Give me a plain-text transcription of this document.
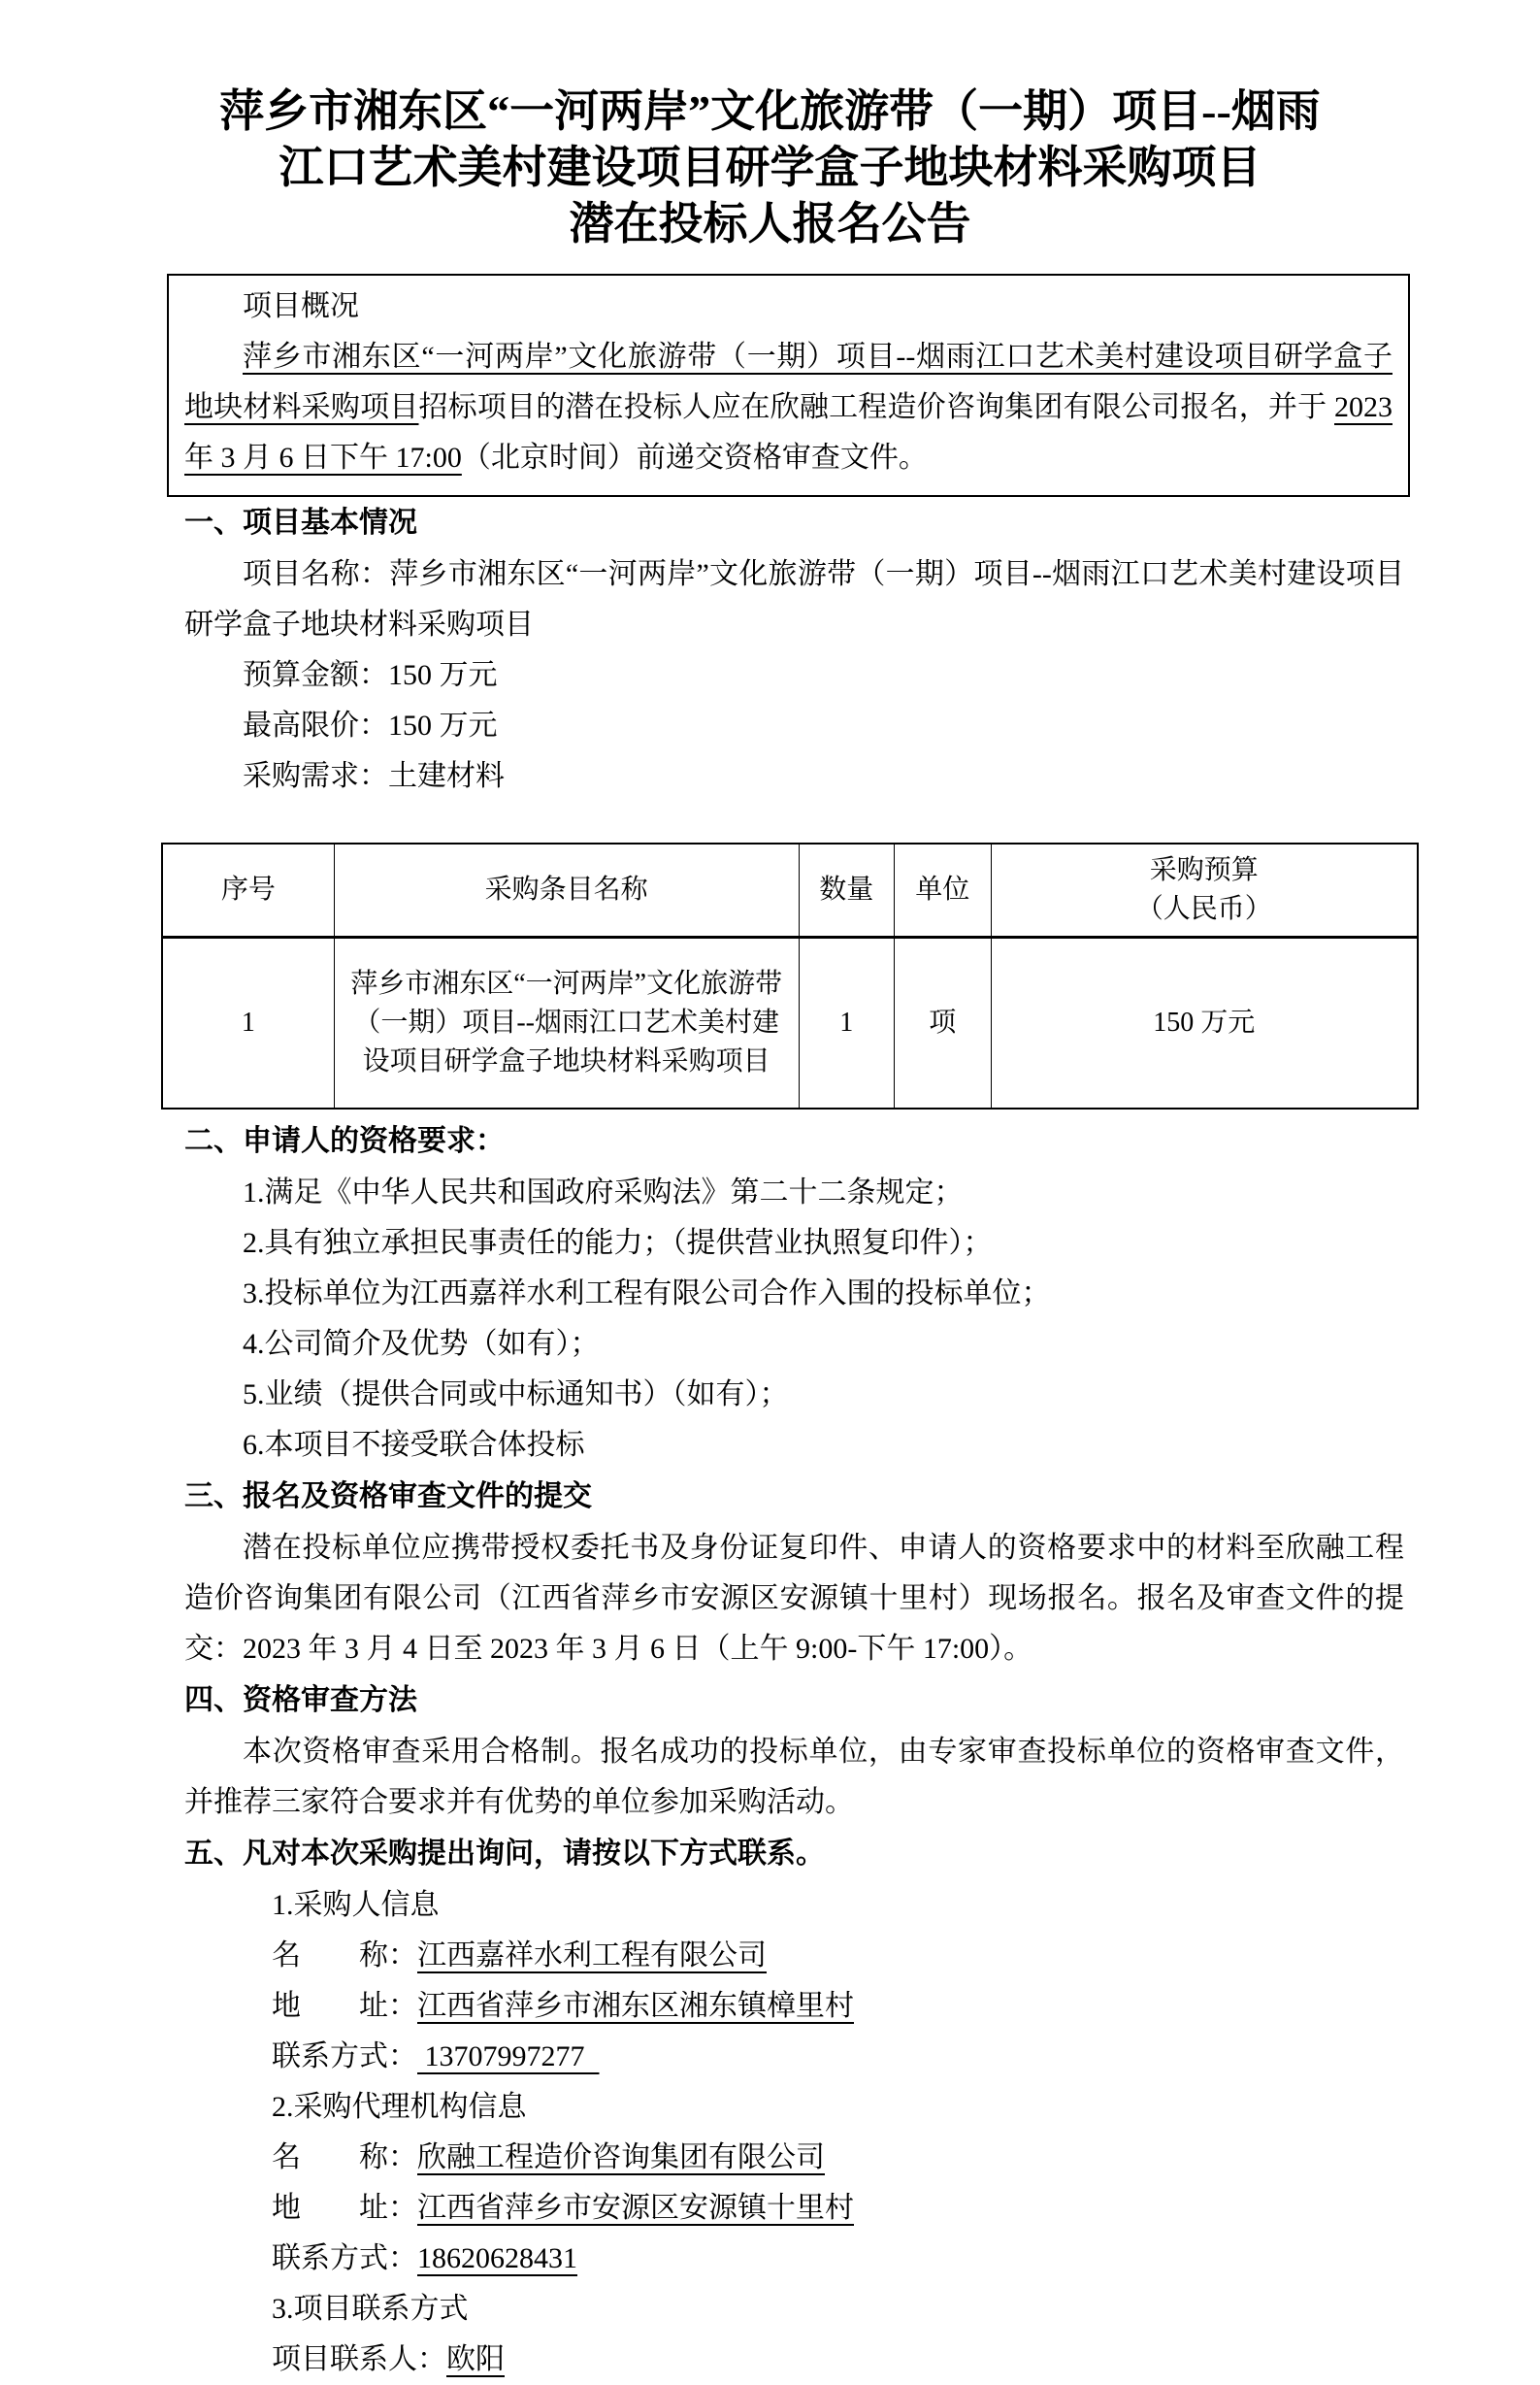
萍乡市湘东区“一河两岸”文化旅游带（一期）项目--烟雨
江口艺术美村建设项目研学盒子地块材料采购项目
潜在投标人报名公告
项目概况

萍乡市湘东区“一河两岸”文化旅游带（一期）项目--烟雨江口艺术美村建设项目研学盒子地块材料采购项目招标项目的潜在投标人应在欣融工程造价咨询集团有限公司报名，并于 2023 年 3 月 6 日下午 17:00（北京时间）前递交资格审查文件。

一、项目基本情况

项目名称：萍乡市湘东区“一河两岸”文化旅游带（一期）项目--烟雨江口艺术美村建设项目研学盒子地块材料采购项目

预算金额：150 万元

最高限价：150 万元

采购需求：土建材料

序号	采购条目名称	数量	单位	采购预算
（人民币）

1	萍乡市湘东区“一河两岸”文化旅游带（一期）项目--烟雨江口艺术美村建设项目研学盒子地块材料采购项目	1	项	150 万元
二、申请人的资格要求：

1.满足《中华人民共和国政府采购法》第二十二条规定；

2.具有独立承担民事责任的能力；（提供营业执照复印件）；

3.投标单位为江西嘉祥水利工程有限公司合作入围的投标单位；

4.公司简介及优势（如有）；

5.业绩（提供合同或中标通知书）（如有）；

6.本项目不接受联合体投标

三、报名及资格审查文件的提交

潜在投标单位应携带授权委托书及身份证复印件、申请人的资格要求中的材料至欣融工程造价咨询集团有限公司（江西省萍乡市安源区安源镇十里村）现场报名。报名及审查文件的提交：2023 年 3 月 4 日至 2023 年 3 月 6 日（上午 9:00-下午 17:00）。

四、资格审查方法

本次资格审查采用合格制。报名成功的投标单位，由专家审查投标单位的资格审查文件，并推荐三家符合要求并有优势的单位参加采购活动。

五、凡对本次采购提出询问，请按以下方式联系。

1.采购人信息

名　　称：江西嘉祥水利工程有限公司

地　　址：江西省萍乡市湘东区湘东镇樟里村

联系方式： 13707997277

2.采购代理机构信息

名　　称：欣融工程造价咨询集团有限公司

地　　址：江西省萍乡市安源区安源镇十里村

联系方式：18620628431

3.项目联系方式

项目联系人：欧阳
